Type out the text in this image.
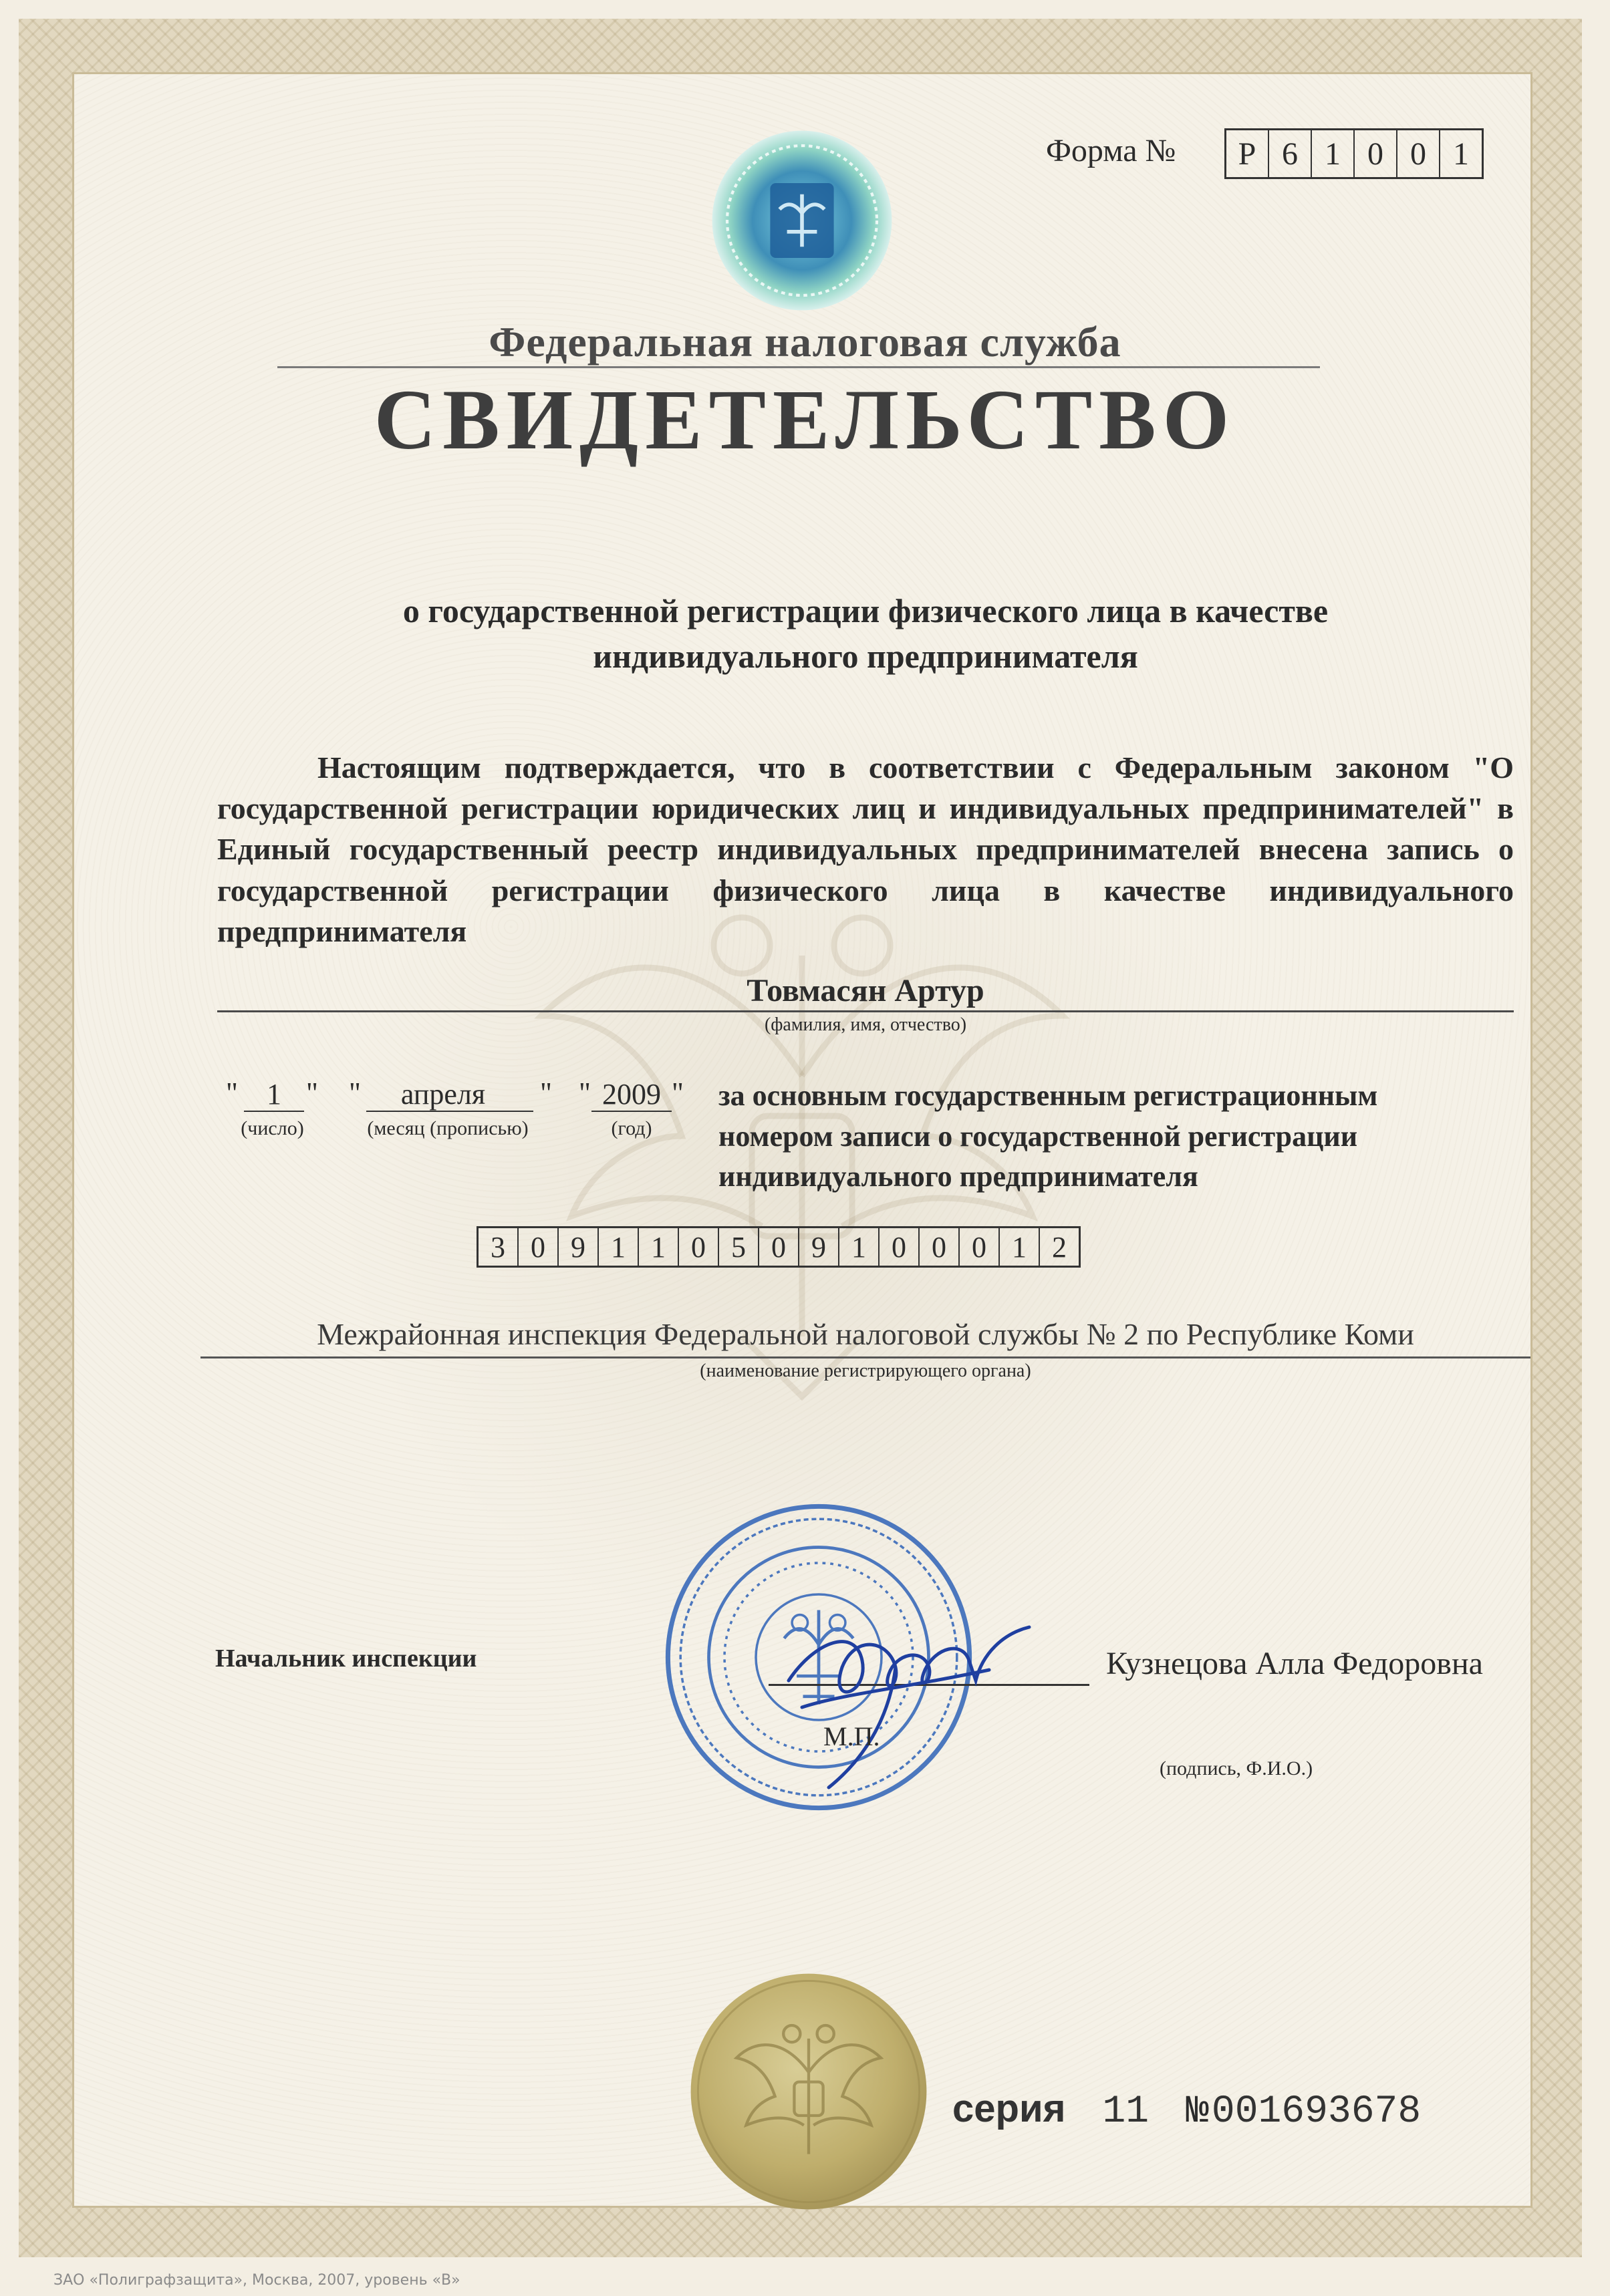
Форма №	Р 6 1 0 0 1
Федеральная налоговая служба
СВИДЕТЕЛЬСТВО
о государственной регистрации физического лица в качестве
индивидуального предпринимателя
Настоящим подтверждается, что в соответствии с Федеральным законом "О государственной регистрации юридических лиц и индивидуальных предпринимателей" в Единый государственный реестр индивидуальных предпринимателей внесена запись о государственной регистрации физического лица в качестве индивидуального предпринимателя
Товмасян Артур
(фамилия, имя, отчество)
" 1 "
(число)
"	апреля	"
(месяц (прописью)
" 2009 "
(год)
за основным государственным регистрационным
номером записи о государственной регистрации
индивидуального предпринимателя
3 0 9 1 1 0 5 0 9 1 0 0 0 1 2
Межрайонная инспекция Федеральной налоговой службы № 2 по Республике Коми
(наименование регистрирующего органа)
Начальник инспекции
М.П.
Кузнецова Алла Федоровна
(подпись, Ф.И.О.)
серия 11 № 001693678
ЗАО «Полиграфзащита», Москва, 2007, уровень «В»
